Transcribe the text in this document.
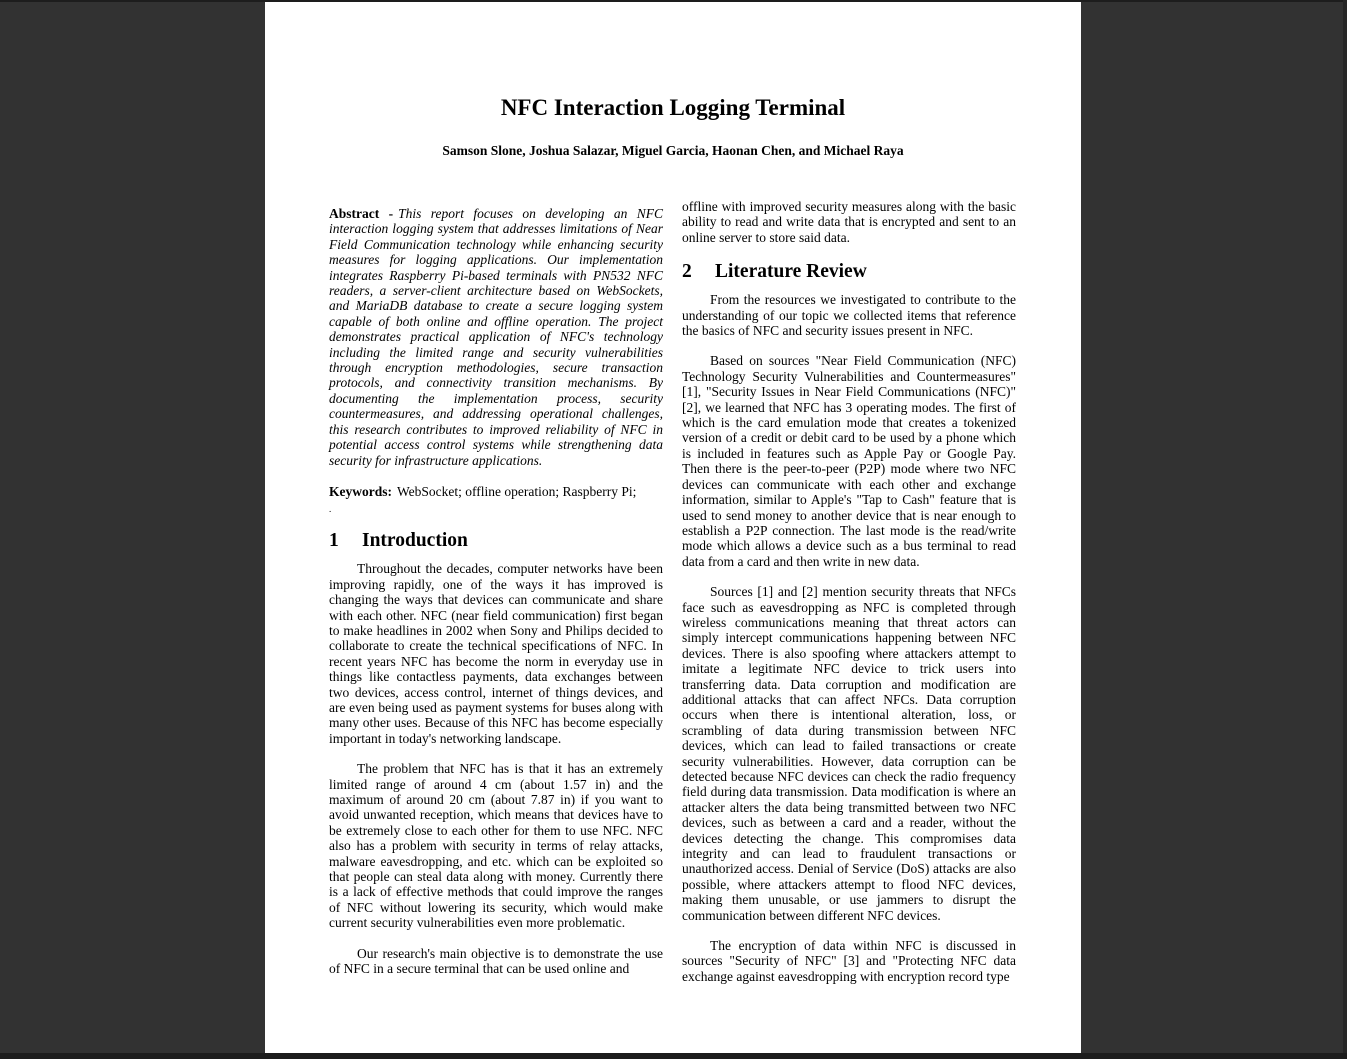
NFC Interaction Logging Terminal
Samson Slone, Joshua Salazar, Miguel Garcia, Haonan Chen, and Michael Raya

Abstract - This report focuses on developing an NFC interaction logging system that addresses limitations of Near Field Communication technology while enhancing security measures for logging applications. Our implementation integrates Raspberry Pi-based terminals with PN532 NFC readers, a server-client architecture based on WebSockets, and MariaDB database to create a secure logging system capable of both online and offline operation. The project demonstrates practical application of NFC's technology including the limited range and security vulnerabilities through encryption methodologies, secure transaction protocols, and connectivity transition mechanisms. By documenting the implementation process, security countermeasures, and addressing operational challenges, this research contributes to improved reliability of NFC in potential access control systems while strengthening data security for infrastructure applications.

Keywords: WebSocket; offline operation; Raspberry Pi;

.

1 Introduction

Throughout the decades, computer networks have been improving rapidly, one of the ways it has improved is changing the ways that devices can communicate and share with each other. NFC (near field communication) first began to make headlines in 2002 when Sony and Philips decided to collaborate to create the technical specifications of NFC. In recent years NFC has become the norm in everyday use in things like contactless payments, data exchanges between two devices, access control, internet of things devices, and are even being used as payment systems for buses along with many other uses. Because of this NFC has become especially important in today's networking landscape.

The problem that NFC has is that it has an extremely limited range of around 4 cm (about 1.57 in) and the maximum of around 20 cm (about 7.87 in) if you want to avoid unwanted reception, which means that devices have to be extremely close to each other for them to use NFC. NFC also has a problem with security in terms of relay attacks, malware eavesdropping, and etc. which can be exploited so that people can steal data along with money. Currently there is a lack of effective methods that could improve the ranges of NFC without lowering its security, which would make current security vulnerabilities even more problematic.

Our research's main objective is to demonstrate the use of NFC in a secure terminal that can be used online and

offline with improved security measures along with the basic ability to read and write data that is encrypted and sent to an online server to store said data.

2 Literature Review

From the resources we investigated to contribute to the understanding of our topic we collected items that reference the basics of NFC and security issues present in NFC.

Based on sources "Near Field Communication (NFC) Technology Security Vulnerabilities and Countermeasures" [1], "Security Issues in Near Field Communications (NFC)" [2], we learned that NFC has 3 operating modes. The first of which is the card emulation mode that creates a tokenized version of a credit or debit card to be used by a phone which is included in features such as Apple Pay or Google Pay. Then there is the peer-to-peer (P2P) mode where two NFC devices can communicate with each other and exchange information, similar to Apple's "Tap to Cash" feature that is used to send money to another device that is near enough to establish a P2P connection. The last mode is the read/write mode which allows a device such as a bus terminal to read data from a card and then write in new data.

Sources [1] and [2] mention security threats that NFCs face such as eavesdropping as NFC is completed through wireless communications meaning that threat actors can simply intercept communications happening between NFC devices. There is also spoofing where attackers attempt to imitate a legitimate NFC device to trick users into transferring data. Data corruption and modification are additional attacks that can affect NFCs. Data corruption occurs when there is intentional alteration, loss, or scrambling of data during transmission between NFC devices, which can lead to failed transactions or create security vulnerabilities. However, data corruption can be detected because NFC devices can check the radio frequency field during data transmission. Data modification is where an attacker alters the data being transmitted between two NFC devices, such as between a card and a reader, without the devices detecting the change. This compromises data integrity and can lead to fraudulent transactions or unauthorized access. Denial of Service (DoS) attacks are also possible, where attackers attempt to flood NFC devices, making them unusable, or use jammers to disrupt the communication between different NFC devices.

The encryption of data within NFC is discussed in sources "Security of NFC" [3] and "Protecting NFC data exchange against eavesdropping with encryption record type
